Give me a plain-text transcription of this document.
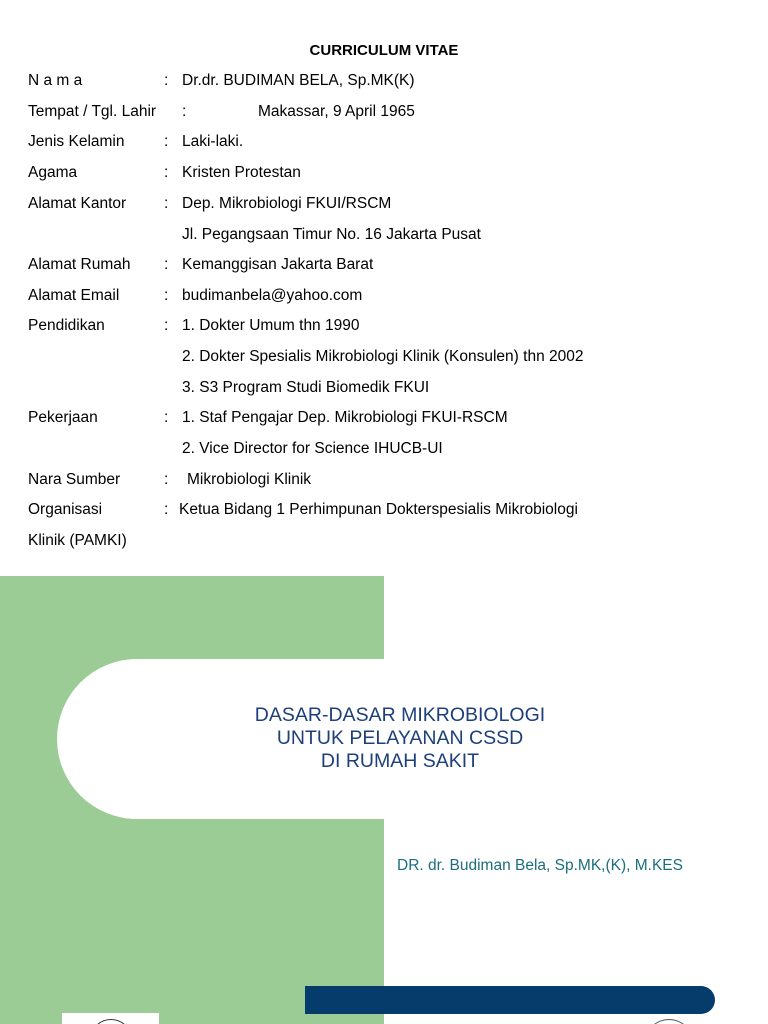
CURRICULUM VITAE
N a m a	: Dr.dr. BUDIMAN BELA, Sp.MK(K)
Tempat / Tgl. Lahir :	Makassar, 9 April 1965
Jenis Kelamin	: Laki-laki.
Agama	: Kristen Protestan
Alamat Kantor : Dep. Mikrobiologi FKUI/RSCM
Jl. Pegangsaan Timur No. 16 Jakarta Pusat
Alamat Rumah : Kemanggisan Jakarta Barat
Alamat Email	: budimanbela@yahoo.com
Pendidikan	: 1. Dokter Umum thn 1990
2. Dokter Spesialis Mikrobiologi Klinik (Konsulen) thn 2002
3. S3 Program Studi Biomedik FKUI
Pekerjaan	: 1. Staf Pengajar Dep. Mikrobiologi FKUI-RSCM
2. Vice Director for Science IHUCB-UI
Nara Sumber	: Mikrobiologi Klinik
Organisasi	: Ketua Bidang 1 Perhimpunan Dokterspesialis Mikrobiologi
Klinik (PAMKI)
DASAR-DASAR MIKROBIOLOGI
UNTUK PELAYANAN CSSD
DI RUMAH SAKIT
DR. dr. Budiman Bela, Sp.MK,(K), M.KES
